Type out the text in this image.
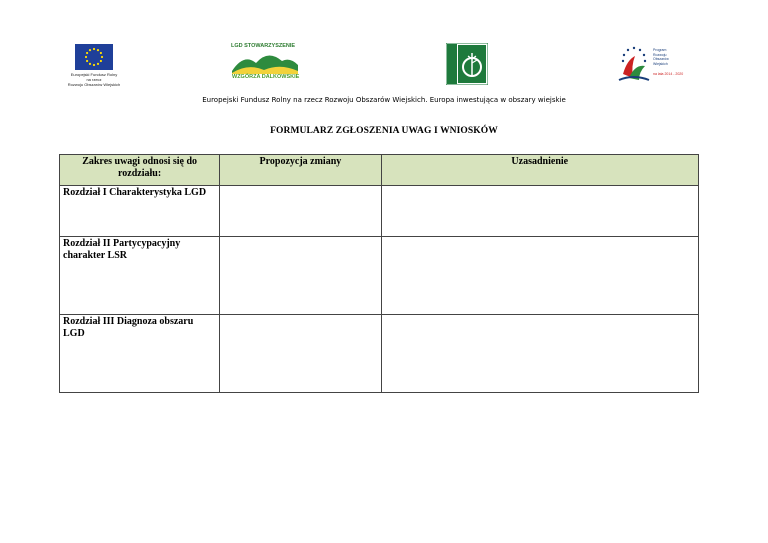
Europejski Fundusz Rolny
na rzecz
Rozwoju Obszarów Wiejskich
LGD STOWARZYSZENIE
WZGÓRZA DALKOWSKIE
Program
Rozwoju
Obszarów
Wiejskich
na lata 2014 - 2020
Europejski Fundusz Rolny na rzecz Rozwoju Obszarów Wiejskich. Europa inwestująca w obszary wiejskie
FORMULARZ ZGŁOSZENIA UWAG I WNIOSKÓW
Zakres uwagi odnosi się do rozdziału:	Propozycja zmiany	Uzasadnienie
Rozdział I Charakterystyka LGD		
Rozdział II Partycypacyjny charakter LSR		
Rozdział III Diagnoza obszaru LGD		
